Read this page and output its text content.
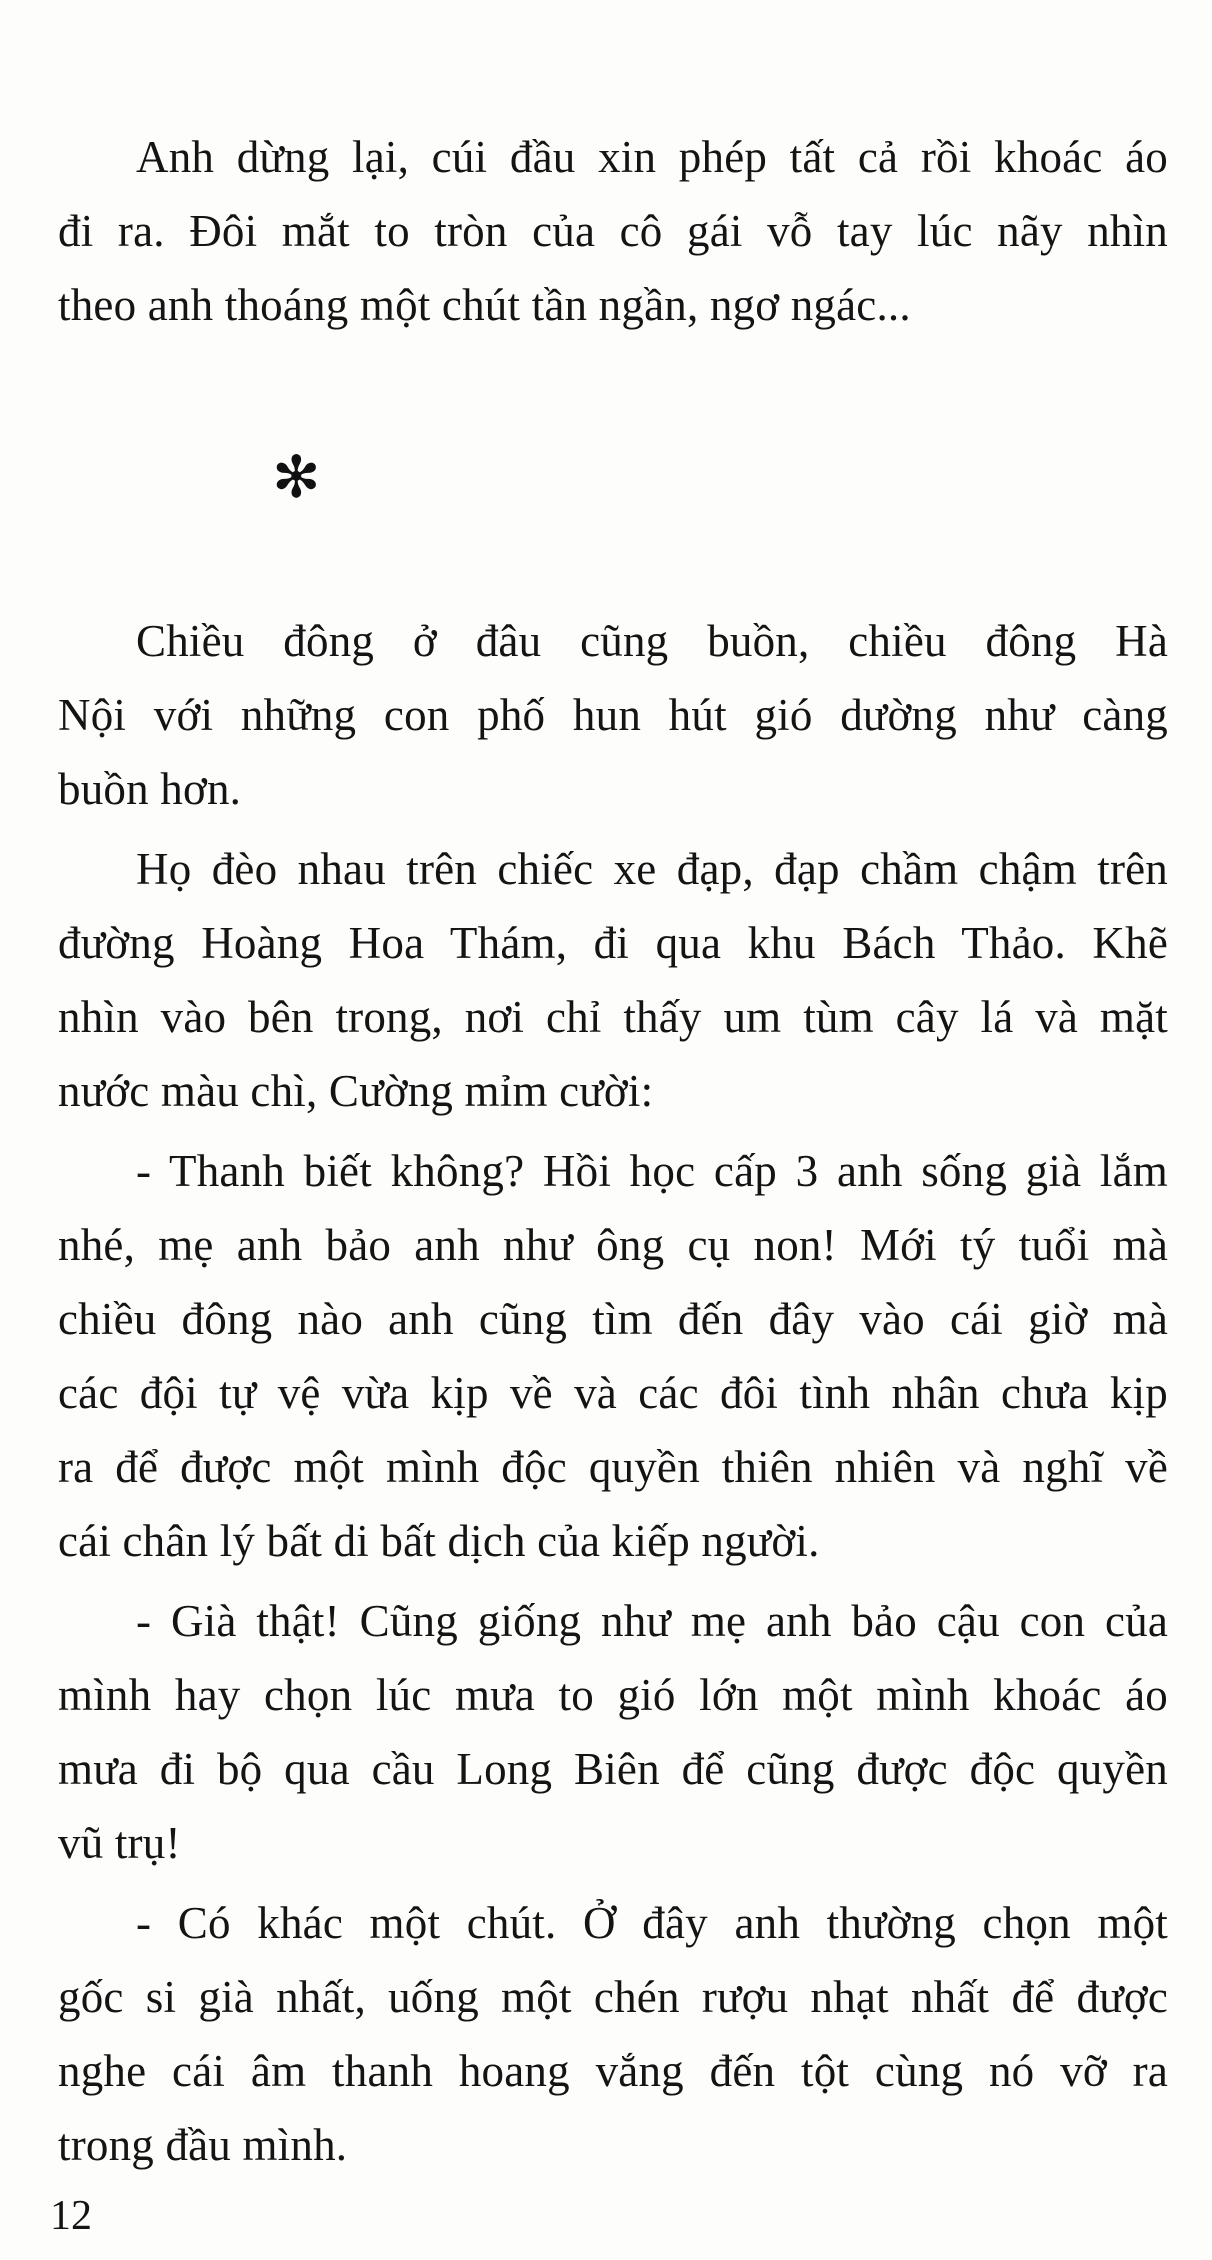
Anh dừng lại, cúi đầu xin phép tất cả rồi khoác áo
đi ra. Đôi mắt to tròn của cô gái vỗ tay lúc nãy nhìn
theo anh thoáng một chút tần ngần, ngơ ngác...
✻
Chiều đông ở đâu cũng buồn, chiều đông Hà
Nội với những con phố hun hút gió dường như càng
buồn hơn.
Họ đèo nhau trên chiếc xe đạp, đạp chầm chậm trên
đường Hoàng Hoa Thám, đi qua khu Bách Thảo. Khẽ
nhìn vào bên trong, nơi chỉ thấy um tùm cây lá và mặt
nước màu chì, Cường mỉm cười:
- Thanh biết không? Hồi học cấp 3 anh sống già lắm
nhé, mẹ anh bảo anh như ông cụ non! Mới tý tuổi mà
chiều đông nào anh cũng tìm đến đây vào cái giờ mà
các đội tự vệ vừa kịp về và các đôi tình nhân chưa kịp
ra để được một mình độc quyền thiên nhiên và nghĩ về
cái chân lý bất di bất dịch của kiếp người.
- Già thật! Cũng giống như mẹ anh bảo cậu con của
mình hay chọn lúc mưa to gió lớn một mình khoác áo
mưa đi bộ qua cầu Long Biên để cũng được độc quyền
vũ trụ!
- Có khác một chút. Ở đây anh thường chọn một
gốc si già nhất, uống một chén rượu nhạt nhất để được
nghe cái âm thanh hoang vắng đến tột cùng nó vỡ ra
trong đầu mình.
12
